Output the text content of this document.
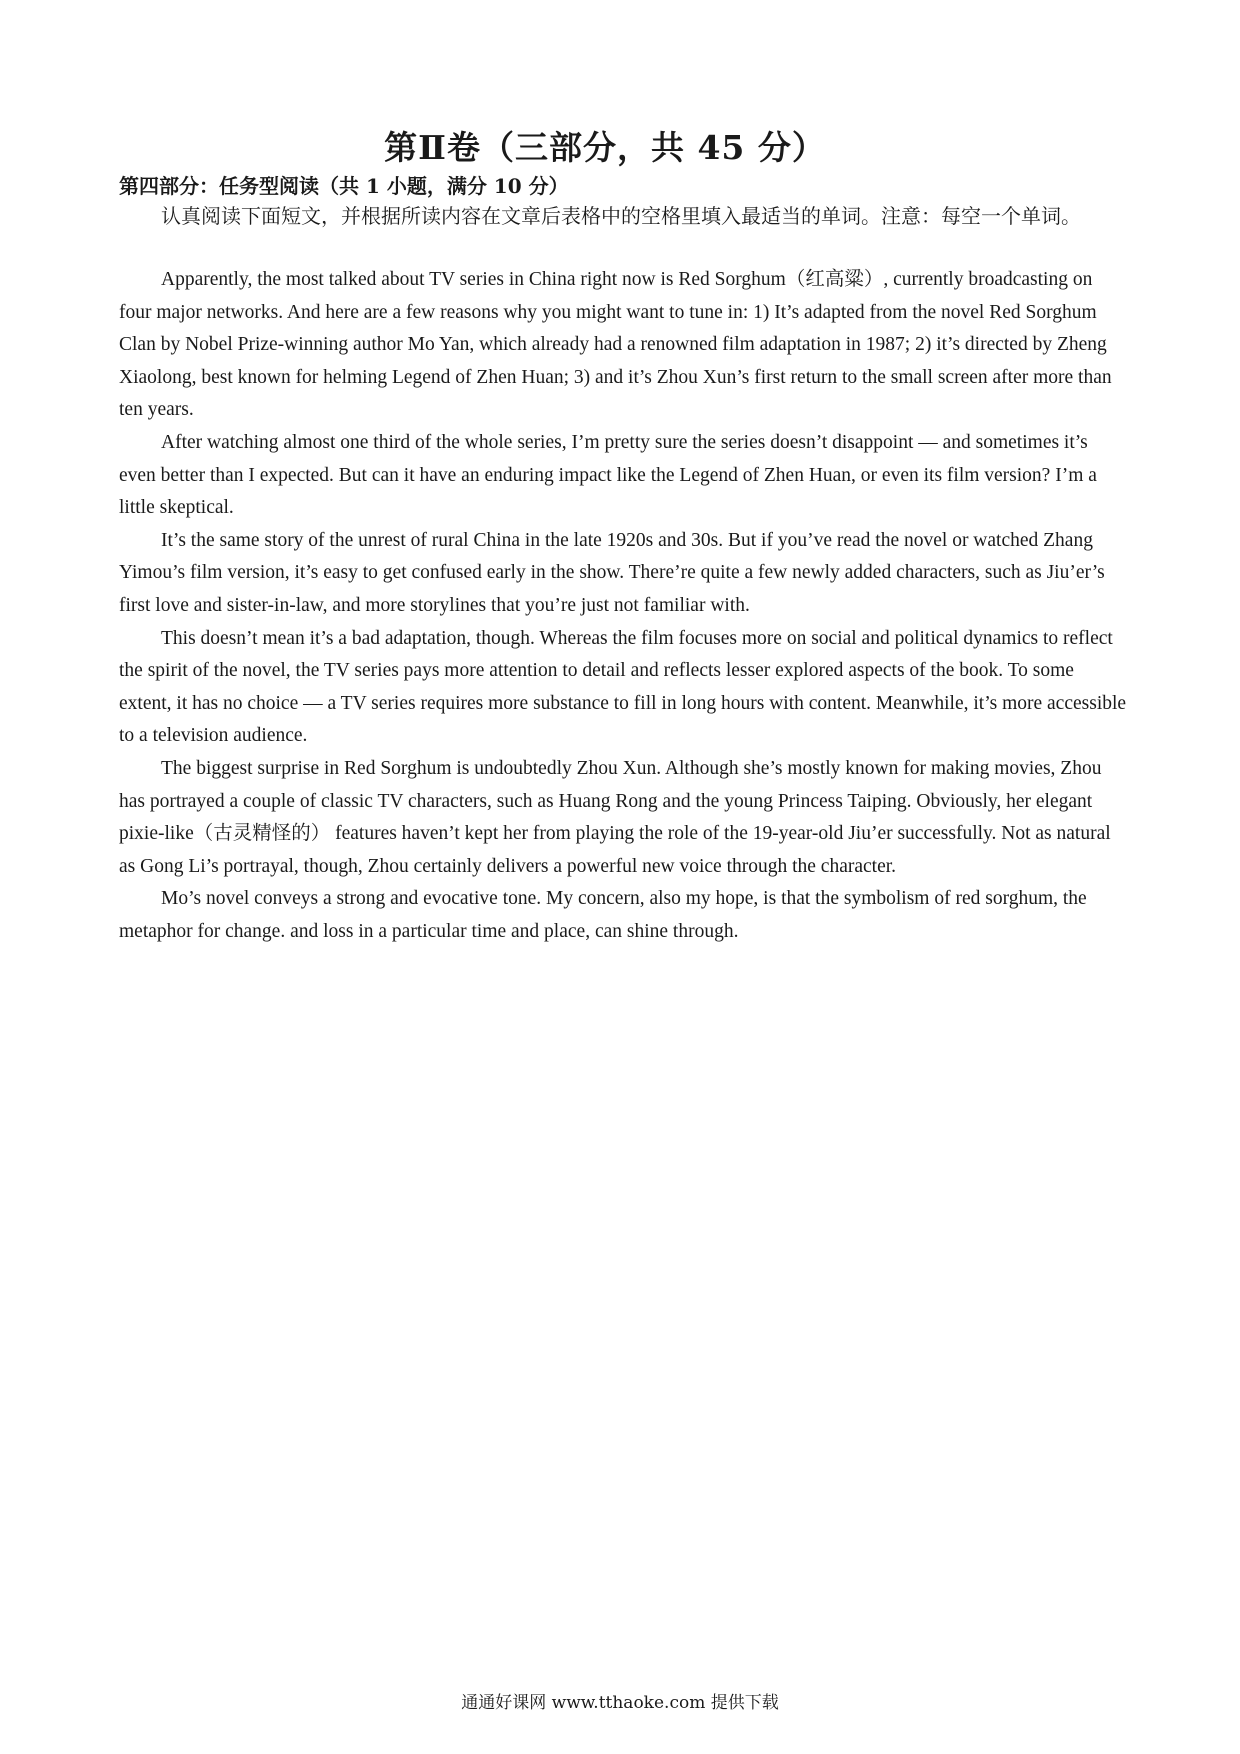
第Ⅱ卷（三部分，共 45 分）
第四部分：任务型阅读（共 1 小题，满分 10 分）

认真阅读下面短文，并根据所读内容在文章后表格中的空格里填入最适当的单词。注意：每空一个单词。

Apparently, the most talked about TV series in China right now is Red Sorghum（红高粱）, currently broadcasting on four major networks. And here are a few reasons why you might want to tune in: 1) It’s adapted from the novel Red Sorghum Clan by Nobel Prize-winning author Mo Yan, which already had a renowned film adaptation in 1987; 2) it’s directed by Zheng Xiaolong, best known for helming Legend of Zhen Huan; 3) and it’s Zhou Xun’s first return to the small screen after more than ten years.

After watching almost one third of the whole series, I’m pretty sure the series doesn’t disappoint — and sometimes it’s even better than I expected. But can it have an enduring impact like the Legend of Zhen Huan, or even its film version? I’m a little skeptical.

It’s the same story of the unrest of rural China in the late 1920s and 30s. But if you’ve read the novel or watched Zhang Yimou’s film version, it’s easy to get confused early in the show. There’re quite a few newly added characters, such as Jiu’er’s first love and sister-in-law, and more storylines that you’re just not familiar with.

This doesn’t mean it’s a bad adaptation, though. Whereas the film focuses more on social and political dynamics to reflect the spirit of the novel, the TV series pays more attention to detail and reflects lesser explored aspects of the book. To some extent, it has no choice — a TV series requires more substance to fill in long hours with content. Meanwhile, it’s more accessible to a television audience.

The biggest surprise in Red Sorghum is undoubtedly Zhou Xun. Although she’s mostly known for making movies, Zhou has portrayed a couple of classic TV characters, such as Huang Rong and the young Princess Taiping. Obviously, her elegant pixie-like（古灵精怪的） features haven’t kept her from playing the role of the 19-year-old Jiu’er successfully. Not as natural as Gong Li’s portrayal, though, Zhou certainly delivers a powerful new voice through the character.

Mo’s novel conveys a strong and evocative tone. My concern, also my hope, is that the symbolism of red sorghum, the metaphor for change. and loss in a particular time and place, can shine through.

通通好课网 www.tthaoke.com 提供下载
